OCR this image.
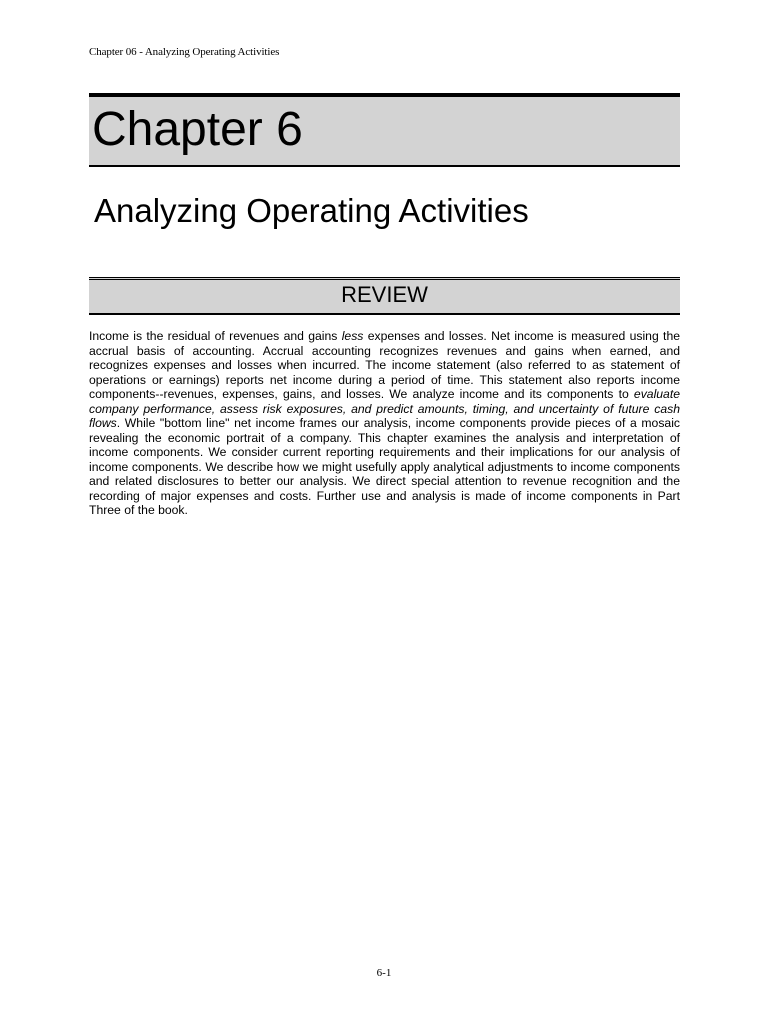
Chapter 06 - Analyzing Operating Activities
Chapter 6
Analyzing Operating Activities
REVIEW

Income is the residual of revenues and gains less expenses and losses. Net income is measured using the accrual basis of accounting. Accrual accounting recognizes revenues and gains when earned, and recognizes expenses and losses when incurred. The income statement (also referred to as statement of operations or earnings) reports net income during a period of time. This statement also reports income components--revenues, expenses, gains, and losses. We analyze income and its components to evaluate company performance, assess risk exposures, and predict amounts, timing, and uncertainty of future cash flows. While "bottom line" net income frames our analysis, income components provide pieces of a mosaic revealing the economic portrait of a company. This chapter examines the analysis and interpretation of income components. We consider current reporting requirements and their implications for our analysis of income components. We describe how we might usefully apply analytical adjustments to income components and related disclosures to better our analysis. We direct special attention to revenue recognition and the recording of major expenses and costs. Further use and analysis is made of income components in Part Three of the book.

6-1
